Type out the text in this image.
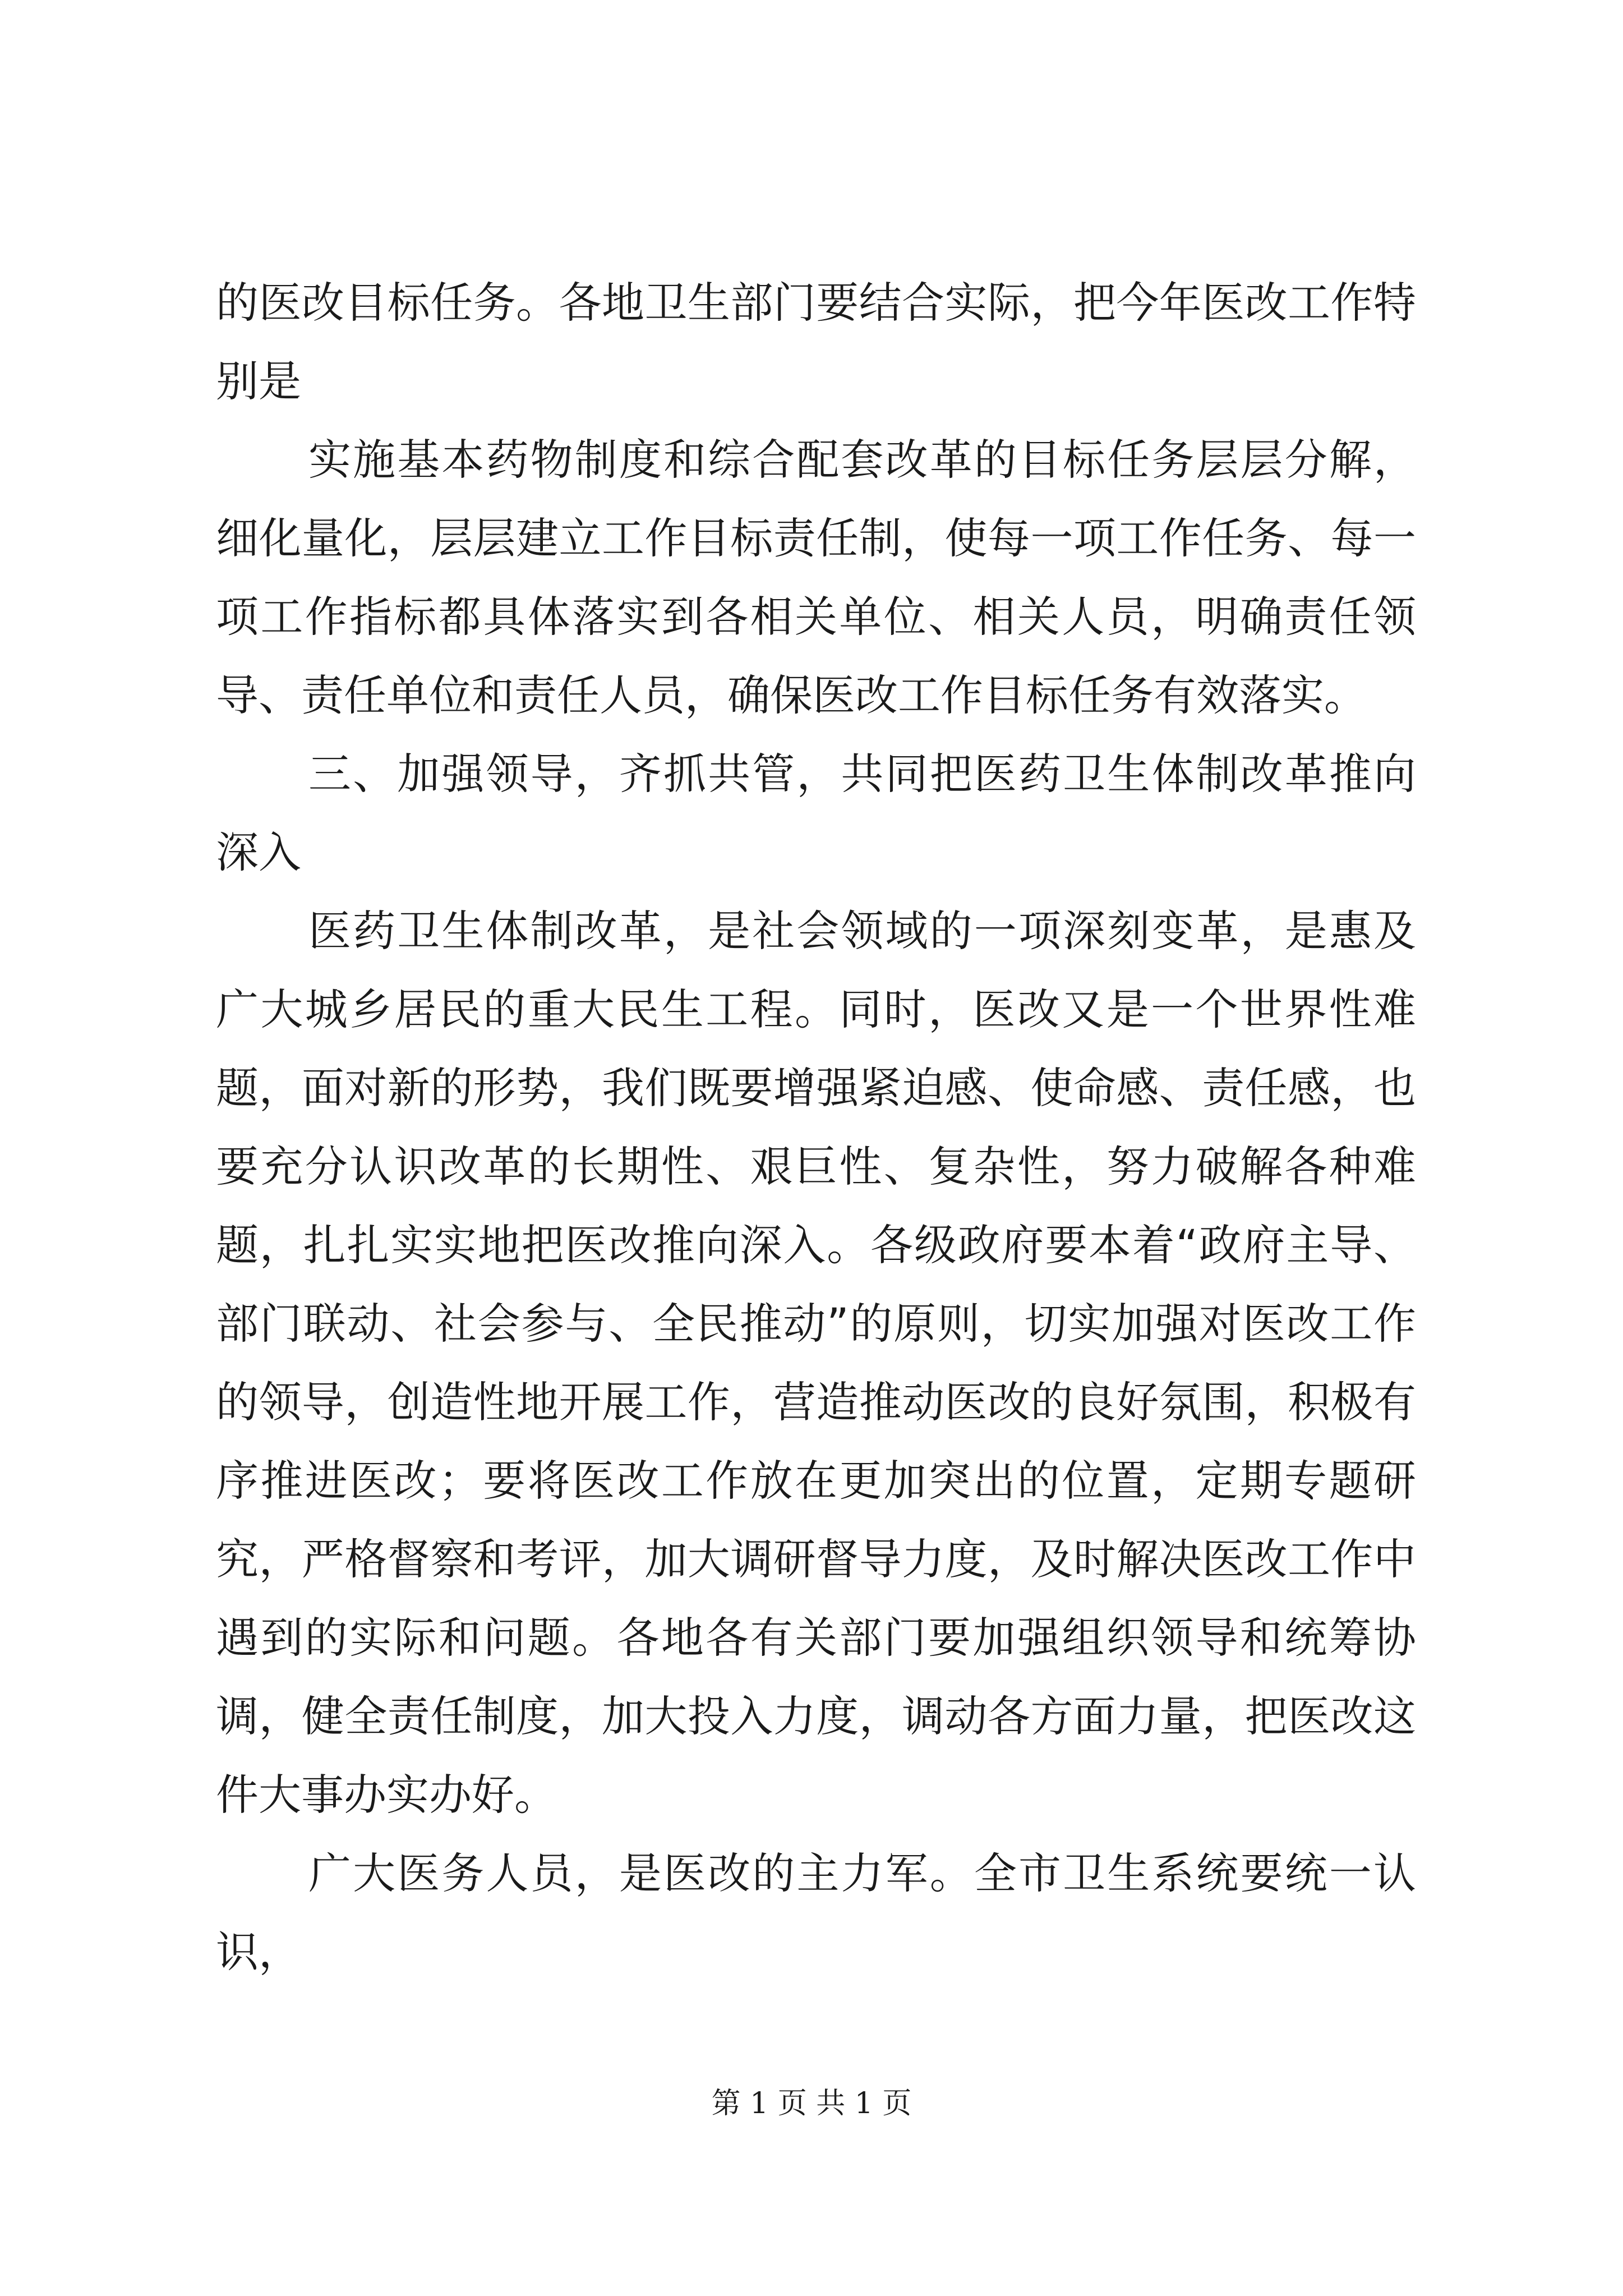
的医改目标任务。各地卫生部门要结合实际，把今年医改工作特别是

实施基本药物制度和综合配套改革的目标任务层层分解，细化量化，层层建立工作目标责任制，使每一项工作任务、每一项工作指标都具体落实到各相关单位、相关人员，明确责任领导、责任单位和责任人员，确保医改工作目标任务有效落实。

三、加强领导，齐抓共管，共同把医药卫生体制改革推向深入

医药卫生体制改革，是社会领域的一项深刻变革，是惠及广大城乡居民的重大民生工程。同时，医改又是一个世界性难题，面对新的形势，我们既要增强紧迫感、使命感、责任感，也要充分认识改革的长期性、艰巨性、复杂性，努力破解各种难题，扎扎实实地把医改推向深入。各级政府要本着“政府主导、部门联动、社会参与、全民推动”的原则，切实加强对医改工作的领导，创造性地开展工作，营造推动医改的良好氛围，积极有序推进医改；要将医改工作放在更加突出的位置，定期专题研究，严格督察和考评，加大调研督导力度，及时解决医改工作中遇到的实际和问题。各地各有关部门要加强组织领导和统筹协调，健全责任制度，加大投入力度，调动各方面力量，把医改这件大事办实办好。

广大医务人员，是医改的主力军。全市卫生系统要统一认识，

第 1 页 共 1 页
